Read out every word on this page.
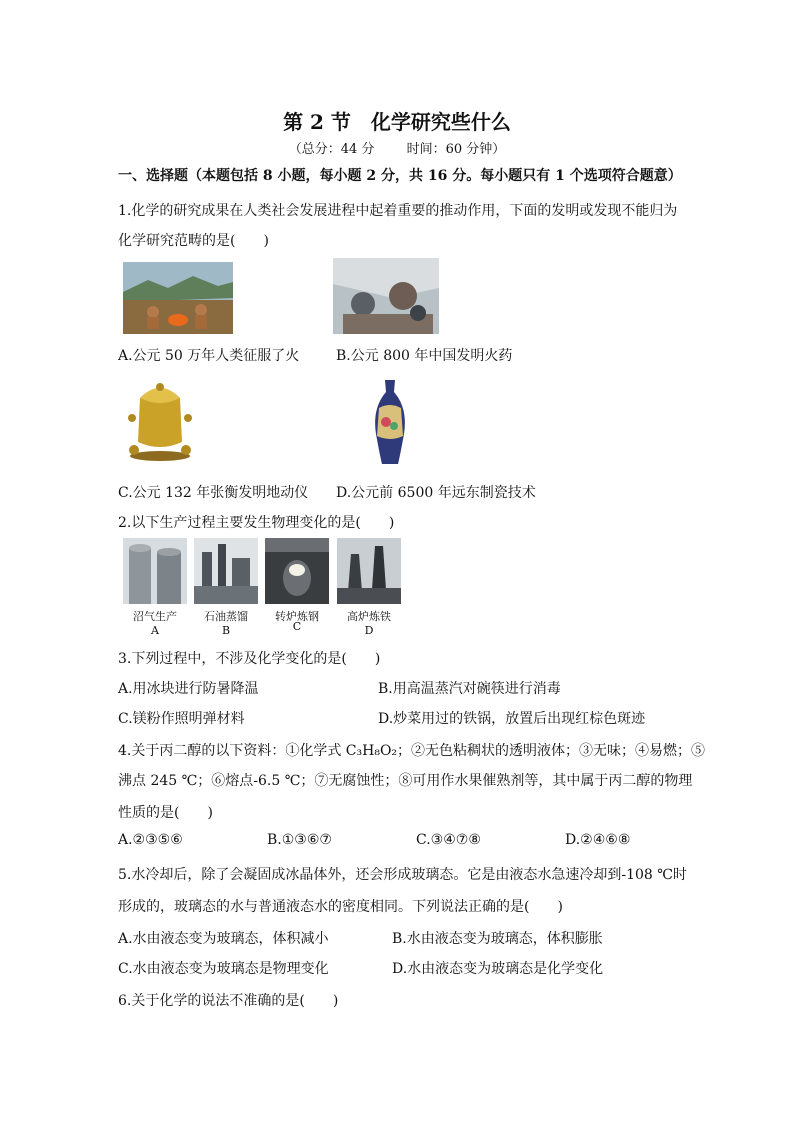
第 2 节　化学研究些什么
（总分：44 分 时间：60 分钟）
一、选择题（本题包括 8 小题，每小题 2 分，共 16 分。每小题只有 1 个选项符合题意）
1.化学的研究成果在人类社会发展进程中起着重要的推动作用，下面的发明或发现不能归为
化学研究范畴的是(　　)
A.公元 50 万年人类征服了火	B.公元 800 年中国发明火药
C.公元 132 年张衡发明地动仪 D.公元前 6500 年远东制瓷技术
2.以下生产过程主要发生物理变化的是(　　)
沼气生产	石油蒸馏	转炉炼钢	高炉炼铁
A	B	C	D
3.下列过程中，不涉及化学变化的是(　　)
A.用冰块进行防暑降温	B.用高温蒸汽对碗筷进行消毒
C.镁粉作照明弹材料	D.炒菜用过的铁锅，放置后出现红棕色斑迹
4.关于丙二醇的以下资料：①化学式 C₃H₈O₂；②无色粘稠状的透明液体；③无味；④易燃；⑤
沸点 245 ℃；⑥熔点-6.5 ℃；⑦无腐蚀性；⑧可用作水果催熟剂等，其中属于丙二醇的物理
性质的是(　　)
A.②③⑤⑥	B.①③⑥⑦	C.③④⑦⑧	D.②④⑥⑧
5.水冷却后，除了会凝固成冰晶体外，还会形成玻璃态。它是由液态水急速冷却到-108 ℃时
形成的，玻璃态的水与普通液态水的密度相同。下列说法正确的是(　　)
A.水由液态变为玻璃态，体积减小	B.水由液态变为玻璃态，体积膨胀
C.水由液态变为玻璃态是物理变化	D.水由液态变为玻璃态是化学变化
6.关于化学的说法不准确的是(　　)
